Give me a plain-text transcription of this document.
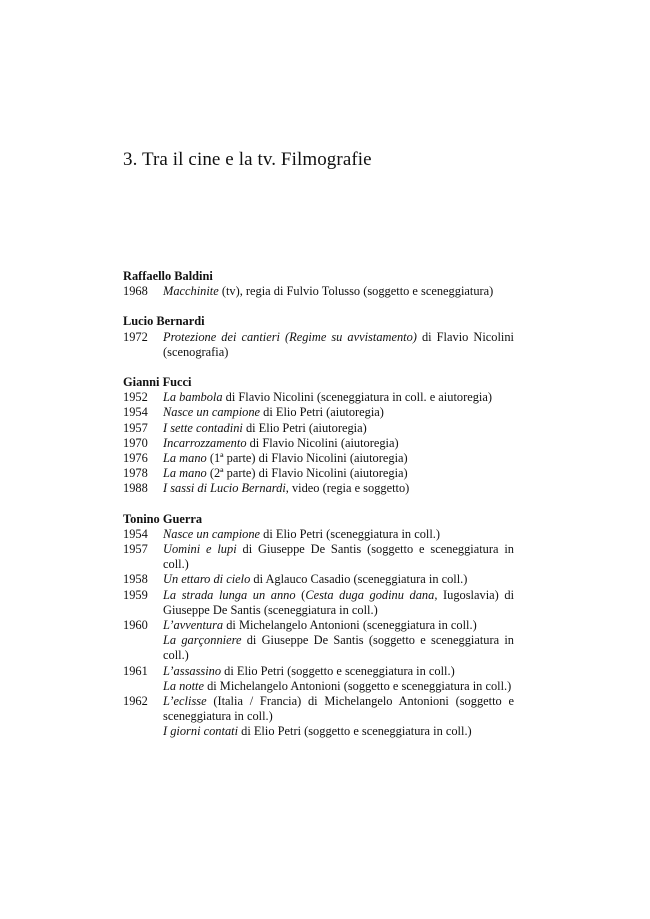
3. Tra il cine e la tv. Filmografie
Raffaello Baldini
1968	Macchinite (tv), regia di Fulvio Tolusso (soggetto e sceneggiatura)
Lucio Bernardi
1972	Protezione dei cantieri (Regime su avvistamento) di Flavio Nicolini (scenografia)
Gianni Fucci
1952	La bambola di Flavio Nicolini (sceneggiatura in coll. e aiutoregia)
1954	Nasce un campione di Elio Petri (aiutoregia)
1957	I sette contadini di Elio Petri (aiutoregia)
1970	Incarrozzamento di Flavio Nicolini (aiutoregia)
1976	La mano (1ª parte) di Flavio Nicolini (aiutoregia)
1978	La mano (2ª parte) di Flavio Nicolini (aiutoregia)
1988	I sassi di Lucio Bernardi, video (regia e soggetto)
Tonino Guerra
1954	Nasce un campione di Elio Petri (sceneggiatura in coll.)
1957	Uomini e lupi di Giuseppe De Santis (soggetto e sceneggiatura in coll.)
1958	Un ettaro di cielo di Aglauco Casadio (sceneggiatura in coll.)
1959	La strada lunga un anno (Cesta duga godinu dana, Iugoslavia) di Giuseppe De Santis (sceneggiatura in coll.)
1960	L’avventura di Michelangelo Antonioni (sceneggiatura in coll.)
La garçonniere di Giuseppe De Santis (soggetto e sceneggiatura in coll.)
1961	L’assassino di Elio Petri (soggetto e sceneggiatura in coll.)
La notte di Michelangelo Antonioni (soggetto e sceneggiatura in coll.)
1962	L’eclisse (Italia / Francia) di Michelangelo Antonioni (soggetto e sceneggiatura in coll.)
I giorni contati di Elio Petri (soggetto e sceneggiatura in coll.)
